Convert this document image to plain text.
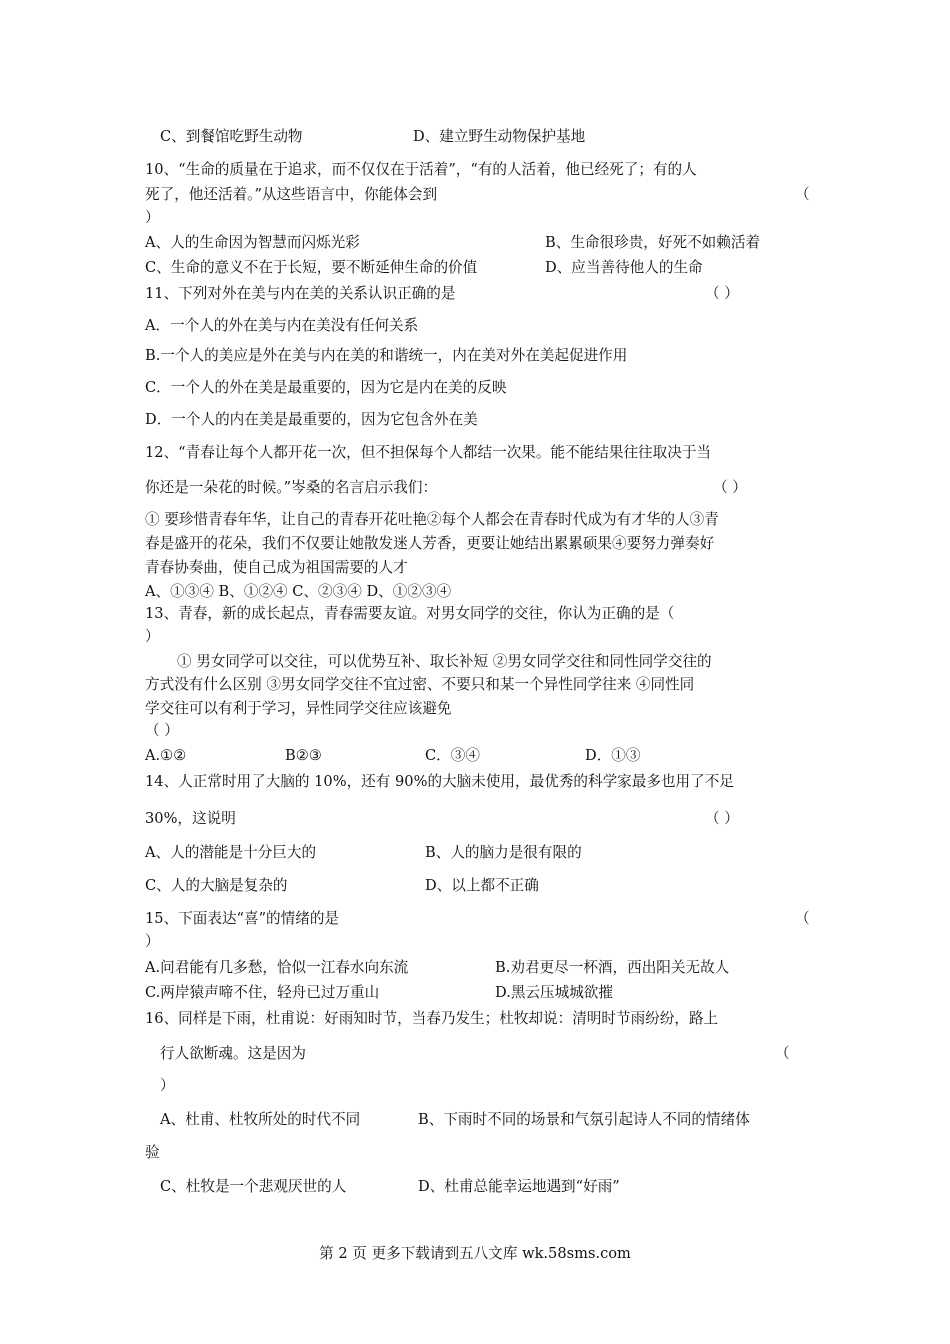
C、到餐馆吃野生动物	D、建立野生动物保护基地
10、“生命的质量在于追求，而不仅仅在于活着”，“有的人活着，他已经死了；有的人
死了，他还活着。”从这些语言中，你能体会到	（
）
A、人的生命因为智慧而闪烁光彩	B、生命很珍贵，好死不如赖活着
C、生命的意义不在于长短，要不断延伸生命的价值	D、应当善待他人的生命
11、下列对外在美与内在美的关系认识正确的是	（ ）
A．一个人的外在美与内在美没有任何关系
B.一个人的美应是外在美与内在美的和谐统一，内在美对外在美起促进作用
C．一个人的外在美是最重要的，因为它是内在美的反映
D．一个人的内在美是最重要的，因为它包含外在美
12、“青春让每个人都开花一次，但不担保每个人都结一次果。能不能结果往往取决于当
你还是一朵花的时候。”岑桑的名言启示我们：	（ ）
① 要珍惜青春年华，让自己的青春开花吐艳②每个人都会在青春时代成为有才华的人③青
春是盛开的花朵，我们不仅要让她散发迷人芳香，更要让她结出累累硕果④要努力弹奏好
青春协奏曲，使自己成为祖国需要的人才
A、①③④ B、①②④ C、②③④ D、①②③④
13、青春，新的成长起点，青春需要友谊。对男女同学的交往，你认为正确的是（
）
① 男女同学可以交往，可以优势互补、取长补短 ②男女同学交往和同性同学交往的
方式没有什么区别 ③男女同学交往不宜过密、不要只和某一个异性同学往来 ④同性同
学交往可以有利于学习，异性同学交往应该避免
（ ）
A.①②	B②③	C．③④	D．①③
14、人正常时用了大脑的 10%，还有 90%的大脑未使用，最优秀的科学家最多也用了不足
30%，这说明	（ ）
A、人的潜能是十分巨大的	B、人的脑力是很有限的
C、人的大脑是复杂的	D、以上都不正确
15、下面表达“喜”的情绪的是	（
）
A.问君能有几多愁，恰似一江春水向东流	B.劝君更尽一杯酒，西出阳关无故人
C.两岸猿声啼不住，轻舟已过万重山	D.黑云压城城欲摧
16、同样是下雨，杜甫说：好雨知时节，当春乃发生；杜牧却说：清明时节雨纷纷，路上
行人欲断魂。这是因为	（
）
A、杜甫、杜牧所处的时代不同	B、下雨时不同的场景和气氛引起诗人不同的情绪体
验
C、杜牧是一个悲观厌世的人	D、杜甫总能幸运地遇到“好雨”
第 2 页 更多下载请到五八文库 wk.58sms.com
